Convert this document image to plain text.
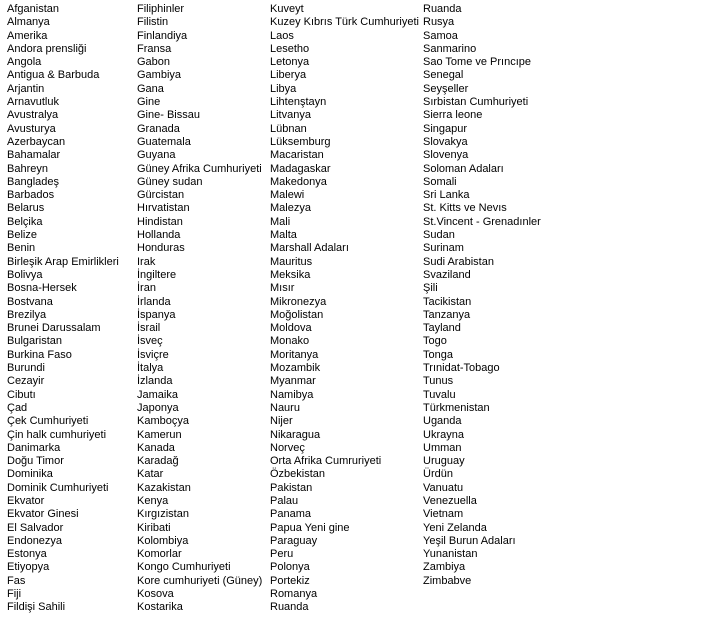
Afganistan
Almanya
Amerika
Andora prensliği
Angola
Antigua & Barbuda
Arjantin
Arnavutluk
Avustralya
Avusturya
Azerbaycan
Bahamalar
Bahreyn
Bangladeş
Barbados
Belarus
Belçika
Belize
Benin
Birleşik Arap Emirlikleri
Bolivya
Bosna-Hersek
Bostvana
Brezilya
Brunei Darussalam
Bulgaristan
Burkina Faso
Burundi
Cezayir
Cibutı
Çad
Çek Cumhuriyeti
Çin halk cumhuriyeti
Danimarka
Doğu Timor
Dominika
Dominik Cumhuriyeti
Ekvator
Ekvator Ginesi
El Salvador
Endonezya
Estonya
Etiyopya
Fas
Fiji
Fildişi Sahili
Filiphinler
Filistin
Finlandiya
Fransa
Gabon
Gambiya
Gana
Gine
Gine- Bissau
Granada
Guatemala
Guyana
Güney Afrika Cumhuriyeti
Güney sudan
Gürcistan
Hırvatistan
Hindistan
Hollanda
Honduras
Irak
İngiltere
İran
İrlanda
İspanya
İsrail
İsveç
İsviçre
İtalya
İzlanda
Jamaika
Japonya
Kamboçya
Kamerun
Kanada
Karadağ
Katar
Kazakistan
Kenya
Kırgızistan
Kiribati
Kolombiya
Komorlar
Kongo Cumhuriyeti
Kore cumhuriyeti (Güney)
Kosova
Kostarika
Kuveyt
Kuzey Kıbrıs Türk Cumhuriyeti
Laos
Lesetho
Letonya
Liberya
Libya
Lihtenştayn
Litvanya
Lübnan
Lüksemburg
Macaristan
Madagaskar
Makedonya
Malewi
Malezya
Mali
Malta
Marshall Adaları
Mauritus
Meksika
Mısır
Mikronezya
Moğolistan
Moldova
Monako
Moritanya
Mozambik
Myanmar
Namibya
Nauru
Nijer
Nikaragua
Norveç
Orta Afrika Cumruriyeti
Özbekistan
Pakistan
Palau
Panama
Papua Yeni gine
Paraguay
Peru
Polonya
Portekiz
Romanya
Ruanda
Ruanda
Rusya
Samoa
Sanmarino
Sao Tome ve Prıncıpe
Senegal
Seyşeller
Sırbistan Cumhuriyeti
Sierra leone
Singapur
Slovakya
Slovenya
Soloman Adaları
Somali
Sri Lanka
St. Kitts ve Nevıs
St.Vincent - Grenadınler
Sudan
Surinam
Sudi Arabistan
Svaziland
Şili
Tacikistan
Tanzanya
Tayland
Togo
Tonga
Trınidat-Tobago
Tunus
Tuvalu
Türkmenistan
Uganda
Ukrayna
Umman
Uruguay
Ürdün
Vanuatu
Venezuella
Vietnam
Yeni Zelanda
Yeşil Burun Adaları
Yunanistan
Zambiya
Zimbabve
